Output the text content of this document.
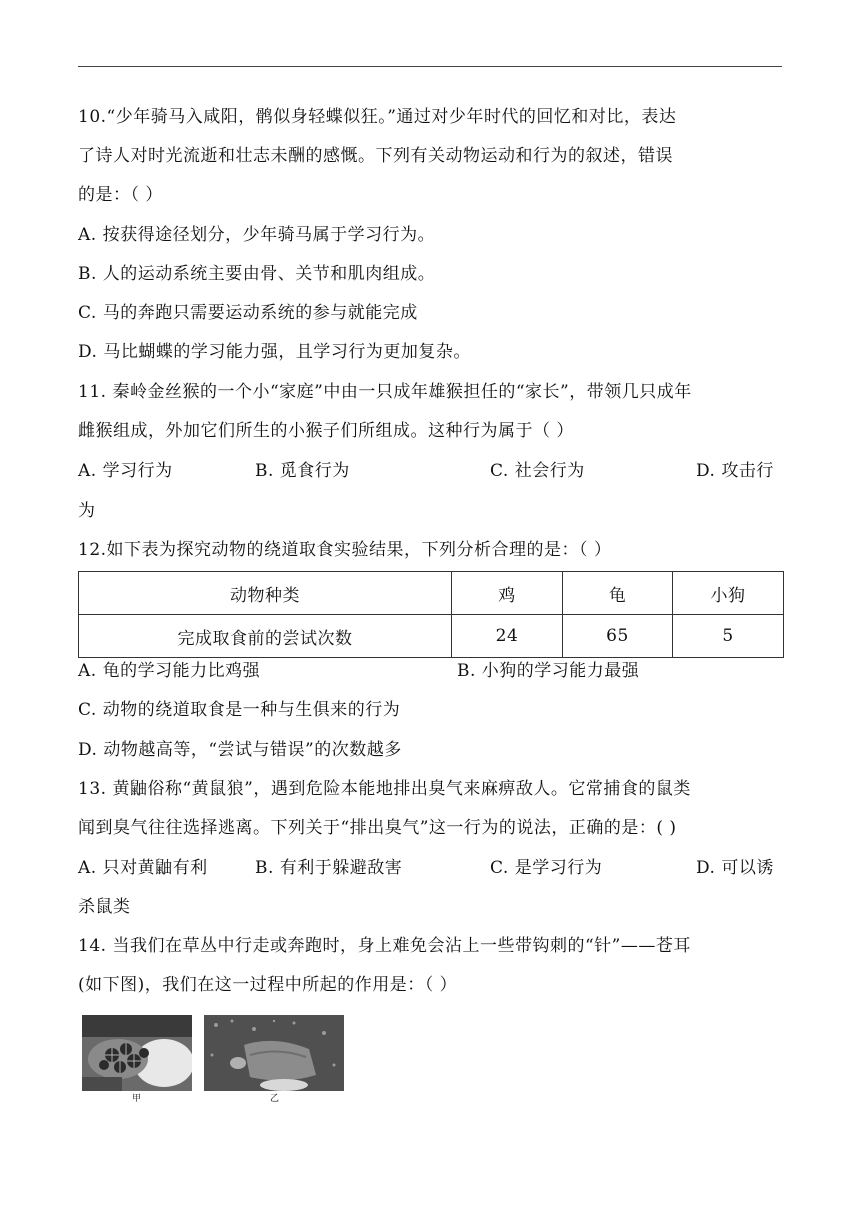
10.“少年骑马入咸阳，鹘似身轻蝶似狂。”通过对少年时代的回忆和对比，表达
了诗人对时光流逝和壮志未酬的感慨。下列有关动物运动和行为的叙述，错误
的是：（ ）
A. 按获得途径划分，少年骑马属于学习行为。
B. 人的运动系统主要由骨、关节和肌肉组成。
C. 马的奔跑只需要运动系统的参与就能完成
D. 马比蝴蝶的学习能力强，且学习行为更加复杂。
11. 秦岭金丝猴的一个小“家庭”中由一只成年雄猴担任的“家长”，带领几只成年
雌猴组成，外加它们所生的小猴子们所组成。这种行为属于（ ）
A. 学习行为	B. 觅食行为	C. 社会行为	D. 攻击行
为
12.如下表为探究动物的绕道取食实验结果，下列分析合理的是：（ ）
动物种类	鸡	龟	小狗
完成取食前的尝试次数	24	65	5
A. 龟的学习能力比鸡强	B. 小狗的学习能力最强
C. 动物的绕道取食是一种与生俱来的行为
D. 动物越高等，“尝试与错误”的次数越多
13. 黄鼬俗称“黄鼠狼”，遇到危险本能地排出臭气来麻痹敌人。它常捕食的鼠类
闻到臭气往往选择逃离。下列关于“排出臭气”这一行为的说法，正确的是：( )
A. 只对黄鼬有利	B. 有利于躲避敌害	C. 是学习行为	D. 可以诱
杀鼠类
14. 当我们在草丛中行走或奔跑时，身上难免会沾上一些带钩刺的“针”——苍耳
(如下图)，我们在这一过程中所起的作用是：（ ）
甲	乙
